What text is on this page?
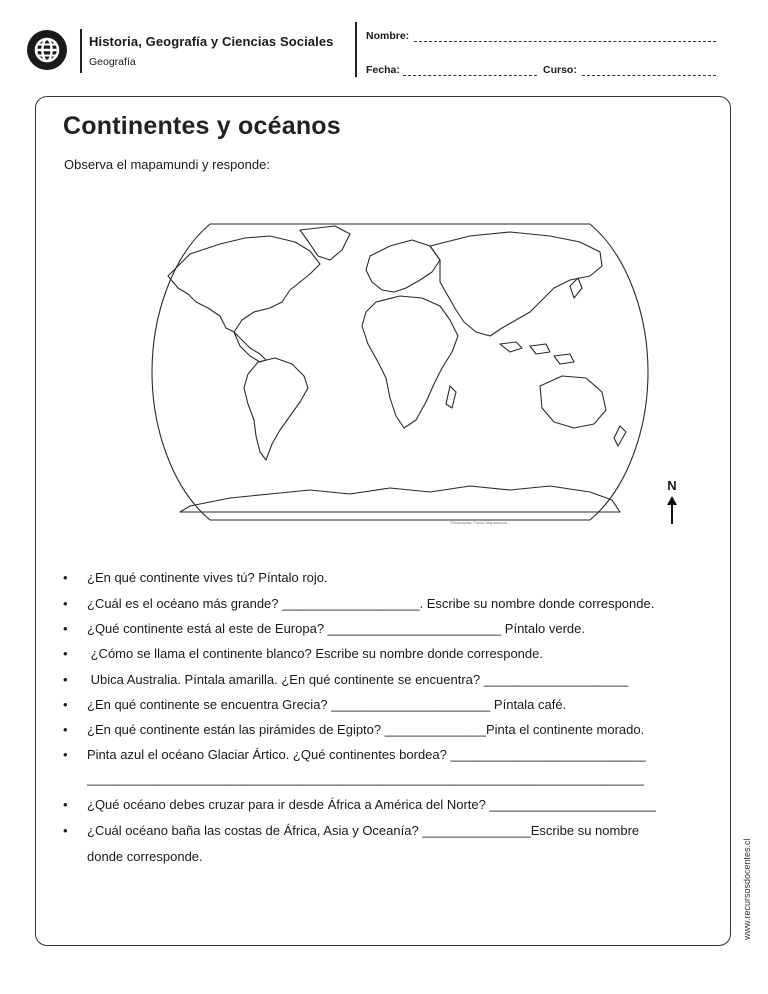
Historia, Geografía y Ciencias Sociales
Geografía
Nombre:
Fecha:	Curso:
Continentes y océanos
Observa el mapamundi y responde:
©Ilustración: Fondo Mapamundi...
N
• ¿En qué continente vives tú? Píntalo rojo.
• ¿Cuál es el océano más grande? ___________________. Escribe su nombre donde corresponde.
• ¿Qué continente está al este de Europa? ________________________ Píntalo verde.
• ¿Cómo se llama el continente blanco? Escribe su nombre donde corresponde.
• Ubica Australia. Píntala amarilla. ¿En qué continente se encuentra? ____________________
• ¿En qué continente se encuentra Grecia? ______________________ Píntala café.
• ¿En qué continente están las pirámides de Egipto? ______________Pinta el continente morado.
• Pinta azul el océano Glaciar Ártico. ¿Qué continentes bordea? ___________________________
_____________________________________________________________________________
• ¿Qué océano debes cruzar para ir desde África a América del Norte? _______________________
• ¿Cuál océano baña las costas de África, Asia y Oceanía? _______________Escribe su nombre
donde corresponde.	www.recursosdocentes.cl
